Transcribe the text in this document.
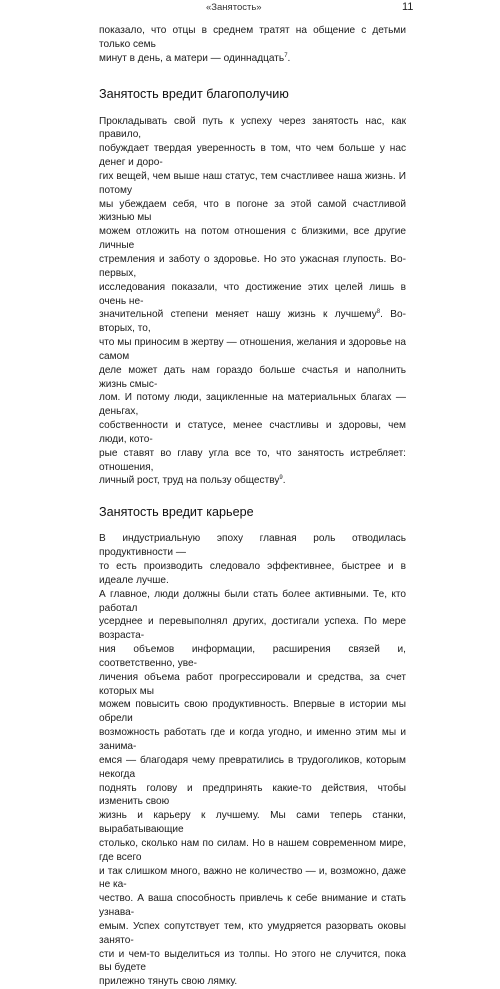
«Занятость»	11

показало, что отцы в среднем тратят на общение с детьми только семь
минут в день, а матери — одиннадцать$^7$.

Занятость вредит благополучию

Прокладывать свой путь к успеху через занятость нас, как правило,
побуждает твердая уверенность в том, что чем больше у нас денег и доро-
гих вещей, чем выше наш статус, тем счастливее наша жизнь. И потому
мы убеждаем себя, что в погоне за этой самой счастливой жизнью мы
можем отложить на потом отношения с близкими, все другие личные
стремления и заботу о здоровье. Но это ужасная глупость. Во-первых,
исследования показали, что достижение этих целей лишь в очень не-
значительной степени меняет нашу жизнь к лучшему$^8$. Во-вторых, то,
что мы приносим в жертву — отношения, желания и здоровье на самом
деле может дать нам гораздо больше счастья и наполнить жизнь смыс-
лом. И потому люди, зацикленные на материальных благах — деньгах,
собственности и статусе, менее счастливы и здоровы, чем люди, кото-
рые ставят во главу угла все то, что занятость истребляет: отношения,
личный рост, труд на пользу обществу$^9$.

Занятость вредит карьере

В индустриальную эпоху главная роль отводилась продуктивности —
то есть производить следовало эффективнее, быстрее и в идеале лучше.
А главное, люди должны были стать более активными. Те, кто работал
усерднее и перевыполнял других, достигали успеха. По мере возраста-
ния объемов информации, расширения связей и, соответственно, уве-
личения объема работ прогрессировали и средства, за счет которых мы
можем повысить свою продуктивность. Впервые в истории мы обрели
возможность работать где и когда угодно, и именно этим мы и занима-
емся — благодаря чему превратились в трудоголиков, которым некогда
поднять голову и предпринять какие-то действия, чтобы изменить свою
жизнь и карьеру к лучшему. Мы сами теперь станки, вырабатывающие
столько, сколько нам по силам. Но в нашем современном мире, где всего
и так слишком много, важно не количество — и, возможно, даже не ка-
чество. А ваша способность привлечь к себе внимание и стать узнава-
емым. Успех сопутствует тем, кто умудряется разорвать оковы занято-
сти и чем-то выделиться из толпы. Но этого не случится, пока вы будете
прилежно тянуть свою лямку.
